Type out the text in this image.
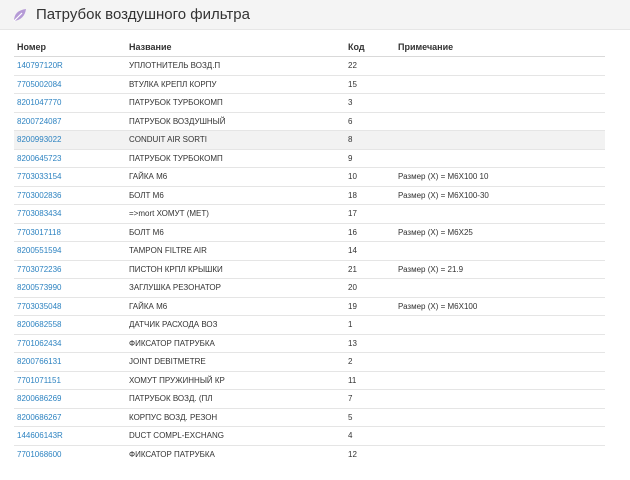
Патрубок воздушного фильтра
Номер	Название	Код	Примечание
140797120R	УПЛОТНИТЕЛЬ ВОЗД.П	22	
7705002084	ВТУЛКА КРЕПЛ КОРПУ	15	
8201047770	ПАТРУБОК ТУРБОКОМП	3	
8200724087	ПАТРУБОК ВОЗДУШНЫЙ	6	
8200993022	CONDUIT AIR SORTI	8	
8200645723	ПАТРУБОК ТУРБОКОМП	9	
7703033154	ГАЙКА M6	10	Размер (X) = M6X100 10
7703002836	БОЛТ M6	18	Размер (X) = M6X100-30
7703083434	=>mort ХОМУТ (МЕТ)	17	
7703017118	БОЛТ M6	16	Размер (X) = M6X25
8200551594	TAMPON FILTRE AIR	14	
7703072236	ПИСТОН КРПЛ КРЫШКИ	21	Размер (X) = 21.9
8200573990	ЗАГЛУШКА РЕЗОНАТОР	20	
7703035048	ГАЙКА M6	19	Размер (X) = M6X100
8200682558	ДАТЧИК РАСХОДА ВОЗ	1	
7701062434	ФИКСАТОР ПАТРУБКА	13	
8200766131	JOINT DEBITMETRE	2	
7701071151	ХОМУТ ПРУЖИННЫЙ КР	11	
8200686269	ПАТРУБОК ВОЗД. (ПЛ	7	
8200686267	КОРПУС ВОЗД. РЕЗОН	5	
144606143R	DUCT COMPL-EXCHANG	4	
7701068600	ФИКСАТОР ПАТРУБКА	12	
